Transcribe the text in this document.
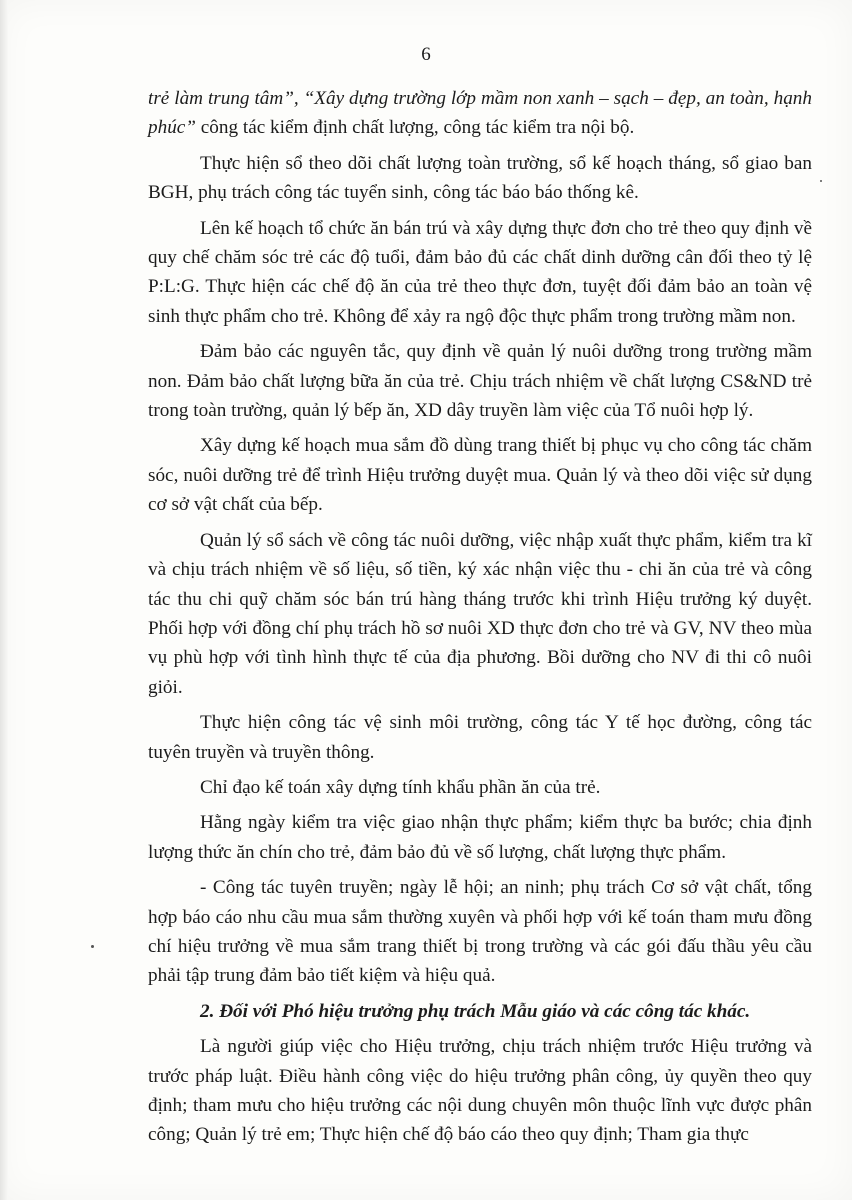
6

trẻ làm trung tâm”, “Xây dựng trường lớp mầm non xanh – sạch – đẹp, an toàn, hạnh phúc” công tác kiểm định chất lượng, công tác kiểm tra nội bộ.

Thực hiện sổ theo dõi chất lượng toàn trường, sổ kế hoạch tháng, sổ giao ban BGH, phụ trách công tác tuyển sinh, công tác báo báo thống kê.

Lên kế hoạch tổ chức ăn bán trú và xây dựng thực đơn cho trẻ theo quy định về quy chế chăm sóc trẻ các độ tuổi, đảm bảo đủ các chất dinh dưỡng cân đối theo tỷ lệ P:L:G. Thực hiện các chế độ ăn của trẻ theo thực đơn, tuyệt đối đảm bảo an toàn vệ sinh thực phẩm cho trẻ. Không để xảy ra ngộ độc thực phẩm trong trường mầm non.

Đảm bảo các nguyên tắc, quy định về quản lý nuôi dưỡng trong trường mầm non. Đảm bảo chất lượng bữa ăn của trẻ. Chịu trách nhiệm về chất lượng CS&ND trẻ trong toàn trường, quản lý bếp ăn, XD dây truyền làm việc của Tổ nuôi hợp lý.

Xây dựng kế hoạch mua sắm đồ dùng trang thiết bị phục vụ cho công tác chăm sóc, nuôi dưỡng trẻ để trình Hiệu trưởng duyệt mua. Quản lý và theo dõi việc sử dụng cơ sở vật chất của bếp.

Quản lý sổ sách về công tác nuôi dưỡng, việc nhập xuất thực phẩm, kiểm tra kĩ và chịu trách nhiệm về số liệu, số tiền, ký xác nhận việc thu - chi ăn của trẻ và công tác thu chi quỹ chăm sóc bán trú hàng tháng trước khi trình Hiệu trưởng ký duyệt. Phối hợp với đồng chí phụ trách hồ sơ nuôi XD thực đơn cho trẻ và GV, NV theo mùa vụ phù hợp với tình hình thực tế của địa phương. Bồi dưỡng cho NV đi thi cô nuôi giỏi.

Thực hiện công tác vệ sinh môi trường, công tác Y tế học đường, công tác tuyên truyền và truyền thông.

Chỉ đạo kế toán xây dựng tính khẩu phần ăn của trẻ.

Hằng ngày kiểm tra việc giao nhận thực phẩm; kiểm thực ba bước; chia định lượng thức ăn chín cho trẻ, đảm bảo đủ về số lượng, chất lượng thực phẩm.

- Công tác tuyên truyền; ngày lễ hội; an ninh; phụ trách Cơ sở vật chất, tổng hợp báo cáo nhu cầu mua sắm thường xuyên và phối hợp với kế toán tham mưu đồng chí hiệu trưởng về mua sắm trang thiết bị trong trường và các gói đấu thầu yêu cầu phải tập trung đảm bảo tiết kiệm và hiệu quả.

2. Đối với Phó hiệu trưởng phụ trách Mẫu giáo và các công tác khác.

Là người giúp việc cho Hiệu trưởng, chịu trách nhiệm trước Hiệu trưởng và trước pháp luật. Điều hành công việc do hiệu trưởng phân công, ủy quyền theo quy định; tham mưu cho hiệu trưởng các nội dung chuyên môn thuộc lĩnh vực được phân công; Quản lý trẻ em; Thực hiện chế độ báo cáo theo quy định; Tham gia thực
